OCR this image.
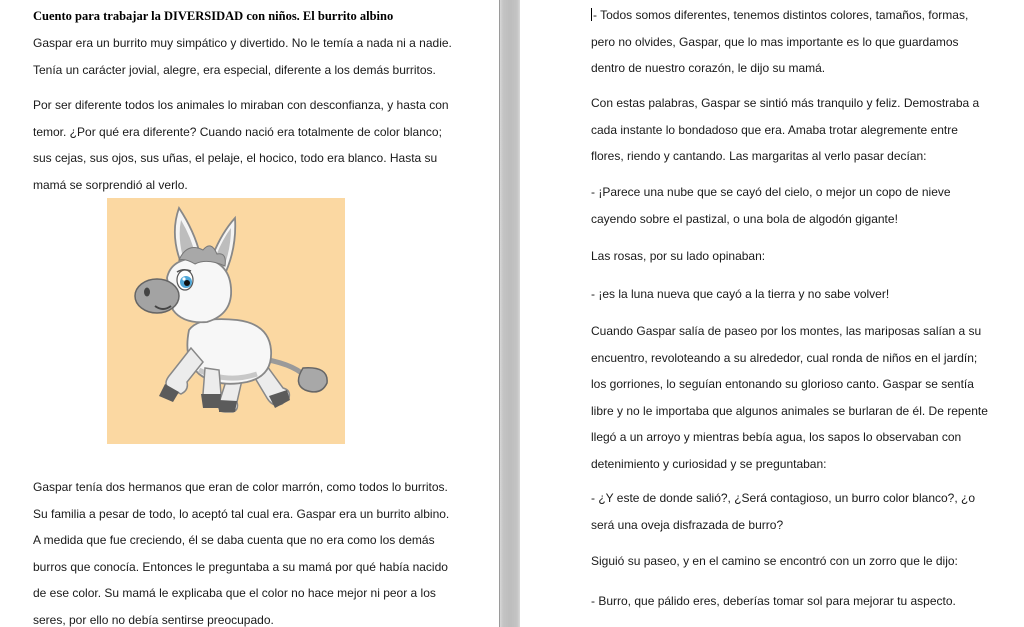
Cuento para trabajar la DIVERSIDAD con niños. El burrito albino

Gaspar era un burrito muy simpático y divertido. No le temía a nada ni a nadie. Tenía un carácter jovial, alegre, era especial, diferente a los demás burritos.

Por ser diferente todos los animales lo miraban con desconfianza, y hasta con temor. ¿Por qué era diferente? Cuando nació era totalmente de color blanco; sus cejas, sus ojos, sus uñas, el pelaje, el hocico, todo era blanco. Hasta su mamá se sorprendió al verlo.

Gaspar tenía dos hermanos que eran de color marrón, como todos lo burritos. Su familia a pesar de todo, lo aceptó tal cual era. Gaspar era un burrito albino. A medida que fue creciendo, él se daba cuenta que no era como los demás burros que conocía. Entonces le preguntaba a su mamá por qué había nacido de ese color. Su mamá le explicaba que el color no hace mejor ni peor a los seres, por ello no debía sentirse preocupado.

- Todos somos diferentes, tenemos distintos colores, tamaños, formas, pero no olvides, Gaspar, que lo mas importante es lo que guardamos dentro de nuestro corazón, le dijo su mamá.

Con estas palabras, Gaspar se sintió más tranquilo y feliz. Demostraba a cada instante lo bondadoso que era. Amaba trotar alegremente entre flores, riendo y cantando. Las margaritas al verlo pasar decían:

- ¡Parece una nube que se cayó del cielo, o mejor un copo de nieve cayendo sobre el pastizal, o una bola de algodón gigante!

Las rosas, por su lado opinaban:

- ¡es la luna nueva que cayó a la tierra y no sabe volver!

Cuando Gaspar salía de paseo por los montes, las mariposas salían a su encuentro, revoloteando a su alrededor, cual ronda de niños en el jardín; los gorriones, lo seguían entonando su glorioso canto. Gaspar se sentía libre y no le importaba que algunos animales se burlaran de él. De repente llegó a un arroyo y mientras bebía agua, los sapos lo observaban con detenimiento y curiosidad y se preguntaban:

- ¿Y este de donde salió?, ¿Será contagioso, un burro color blanco?, ¿o será una oveja disfrazada de burro?

Siguió su paseo, y en el camino se encontró con un zorro que le dijo:

- Burro, que pálido eres, deberías tomar sol para mejorar tu aspecto.
